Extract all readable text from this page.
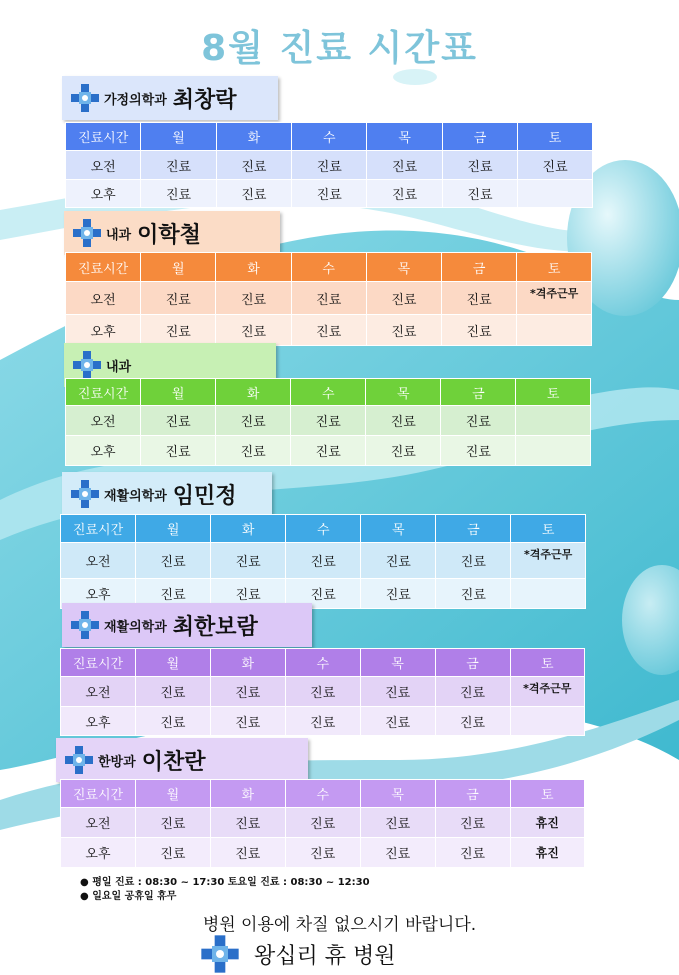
8월 진료 시간표
가정의학과 최창락
진료시간	월	화	수	목	금	토
오전	진료	진료	진료	진료	진료	진료
오후	진료	진료	진료	진료	진료	
내과 이학철
진료시간	월	화	수	목	금	토
오전	진료	진료	진료	진료	진료	*격주근무
오후	진료	진료	진료	진료	진료	
내과
진료시간	월	화	수	목	금	토
오전	진료	진료	진료	진료	진료	
오후	진료	진료	진료	진료	진료	
재활의학과 임민정
진료시간	월	화	수	목	금	토
오전	진료	진료	진료	진료	진료	*격주근무
오후	진료	진료	진료	진료	진료	
재활의학과 최한보람
진료시간	월	화	수	목	금	토
오전	진료	진료	진료	진료	진료	*격주근무
오후	진료	진료	진료	진료	진료	
한방과 이찬란
진료시간	월	화	수	목	금	토
오전	진료	진료	진료	진료	진료	휴진
오후	진료	진료	진료	진료	진료	휴진
● 평일 진료 : 08:30 ~ 17:30 토요일 진료 : 08:30 ~ 12:30
● 일요일 공휴일 휴무
병원 이용에 차질 없으시기 바랍니다.
왕십리 휴 병원
